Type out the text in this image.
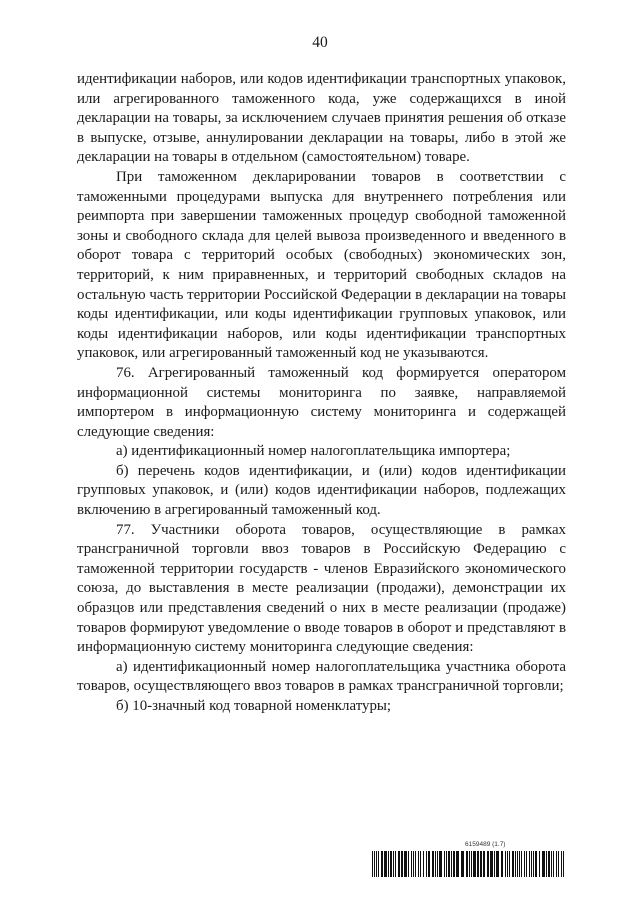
40

идентификации наборов, или кодов идентификации транспортных упаковок, или агрегированного таможенного кода, уже содержащихся в иной декларации на товары, за исключением случаев принятия решения об отказе в выпуске, отзыве, аннулировании декларации на товары, либо в этой же декларации на товары в отдельном (самостоятельном) товаре.

При таможенном декларировании товаров в соответствии с таможенными процедурами выпуска для внутреннего потребления или реимпорта при завершении таможенных процедур свободной таможенной зоны и свободного склада для целей вывоза произведенного и введенного в оборот товара с территорий особых (свободных) экономических зон, территорий, к ним приравненных, и территорий свободных складов на остальную часть территории Российской Федерации в декларации на товары коды идентификации, или коды идентификации групповых упаковок, или коды идентификации наборов, или коды идентификации транспортных упаковок, или агрегированный таможенный код не указываются.

76. Агрегированный таможенный код формируется оператором информационной системы мониторинга по заявке, направляемой импортером в информационную систему мониторинга и содержащей следующие сведения:

а) идентификационный номер налогоплательщика импортера;

б) перечень кодов идентификации, и (или) кодов идентификации групповых упаковок, и (или) кодов идентификации наборов, подлежащих включению в агрегированный таможенный код.

77. Участники оборота товаров, осуществляющие в рамках трансграничной торговли ввоз товаров в Российскую Федерацию с таможенной территории государств - членов Евразийского экономического союза, до выставления в месте реализации (продажи), демонстрации их образцов или представления сведений о них в месте реализации (продаже) товаров формируют уведомление о вводе товаров в оборот и представляют в информационную систему мониторинга следующие сведения:

а) идентификационный номер налогоплательщика участника оборота товаров, осуществляющего ввоз товаров в рамках трансграничной торговли;

б) 10-значный код товарной номенклатуры;

6159489 (1.7)
